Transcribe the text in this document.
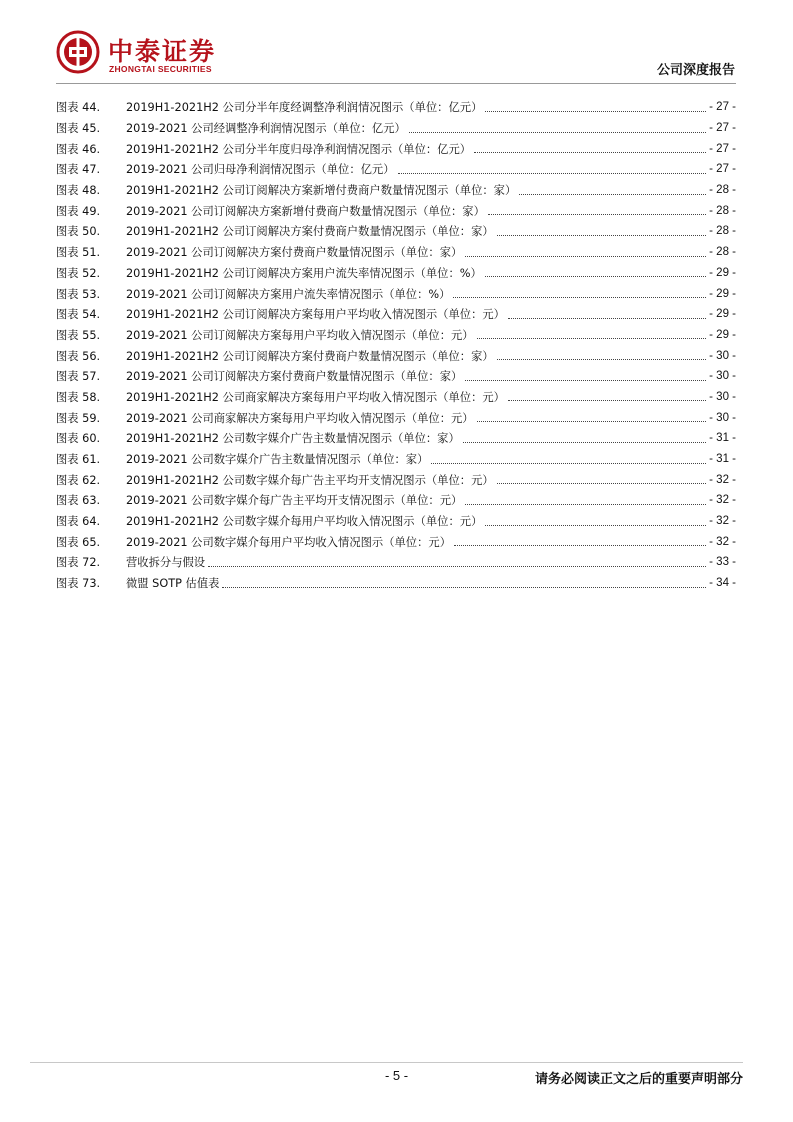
中泰证券
ZHONGTAI SECURITIES	公司深度报告
图表 44.	2019H1-2021H2 公司分半年度经调整净利润情况图示（单位：亿元）	- 27 -
图表 45.	2019-2021 公司经调整净利润情况图示（单位：亿元）	- 27 -
图表 46.	2019H1-2021H2 公司分半年度归母净利润情况图示（单位：亿元）	- 27 -
图表 47.	2019-2021 公司归母净利润情况图示（单位：亿元）	- 27 -
图表 48.	2019H1-2021H2 公司订阅解决方案新增付费商户数量情况图示（单位：家）	- 28 -
图表 49.	2019-2021 公司订阅解决方案新增付费商户数量情况图示（单位：家）	- 28 -
图表 50.	2019H1-2021H2 公司订阅解决方案付费商户数量情况图示（单位：家）	- 28 -
图表 51.	2019-2021 公司订阅解决方案付费商户数量情况图示（单位：家）	- 28 -
图表 52.	2019H1-2021H2 公司订阅解决方案用户流失率情况图示（单位：%）	- 29 -
图表 53.	2019-2021 公司订阅解决方案用户流失率情况图示（单位：%）	- 29 -
图表 54.	2019H1-2021H2 公司订阅解决方案每用户平均收入情况图示（单位：元）	- 29 -
图表 55.	2019-2021 公司订阅解决方案每用户平均收入情况图示（单位：元）	- 29 -
图表 56.	2019H1-2021H2 公司订阅解决方案付费商户数量情况图示（单位：家）	- 30 -
图表 57.	2019-2021 公司订阅解决方案付费商户数量情况图示（单位：家）	- 30 -
图表 58.	2019H1-2021H2 公司商家解决方案每用户平均收入情况图示（单位：元）	- 30 -
图表 59.	2019-2021 公司商家解决方案每用户平均收入情况图示（单位：元）	- 30 -
图表 60.	2019H1-2021H2 公司数字媒介广告主数量情况图示（单位：家）	- 31 -
图表 61.	2019-2021 公司数字媒介广告主数量情况图示（单位：家）	- 31 -
图表 62.	2019H1-2021H2 公司数字媒介每广告主平均开支情况图示（单位：元）	- 32 -
图表 63.	2019-2021 公司数字媒介每广告主平均开支情况图示（单位：元）	- 32 -
图表 64.	2019H1-2021H2 公司数字媒介每用户平均收入情况图示（单位：元）	- 32 -
图表 65.	2019-2021 公司数字媒介每用户平均收入情况图示（单位：元）	- 32 -
图表 72.	营收拆分与假设	- 33 -
图表 73.	微盟 SOTP 估值表	- 34 -
- 5 -	请务必阅读正文之后的重要声明部分
